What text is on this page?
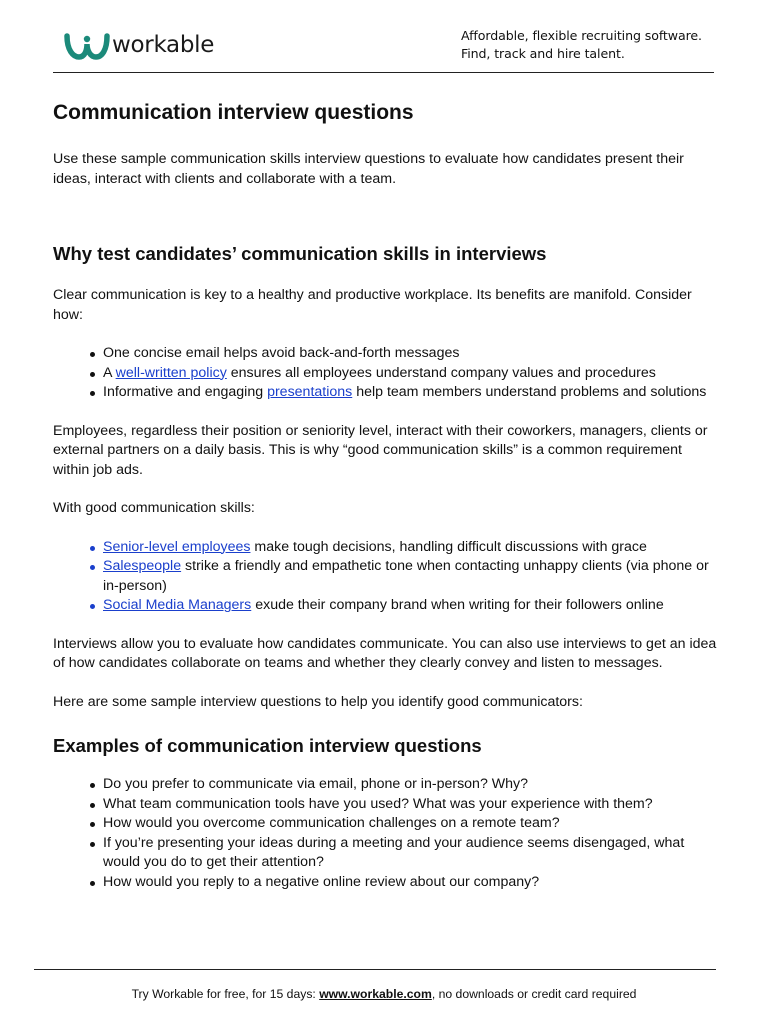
workable	Affordable, flexible recruiting software.
Find, track and hire talent.
Communication interview questions

Use these sample communication skills interview questions to evaluate how candidates present their ideas, interact with clients and collaborate with a team.

Why test candidates’ communication skills in interviews

Clear communication is key to a healthy and productive workplace. Its benefits are manifold. Consider how:

One concise email helps avoid back-and-forth messages
A well-written policy ensures all employees understand company values and procedures
Informative and engaging presentations help team members understand problems and solutions

Employees, regardless their position or seniority level, interact with their coworkers, managers, clients or external partners on a daily basis. This is why “good communication skills” is a common requirement within job ads.

With good communication skills:

Senior-level employees make tough decisions, handling difficult discussions with grace
Salespeople strike a friendly and empathetic tone when contacting unhappy clients (via phone or in-person)
Social Media Managers exude their company brand when writing for their followers online

Interviews allow you to evaluate how candidates communicate. You can also use interviews to get an idea of how candidates collaborate on teams and whether they clearly convey and listen to messages.

Here are some sample interview questions to help you identify good communicators:

Examples of communication interview questions
Do you prefer to communicate via email, phone or in-person? Why?
What team communication tools have you used? What was your experience with them?
How would you overcome communication challenges on a remote team?
If you’re presenting your ideas during a meeting and your audience seems disengaged, what would you do to get their attention?
How would you reply to a negative online review about our company?
Try Workable for free, for 15 days: www.workable.com, no downloads or credit card required
